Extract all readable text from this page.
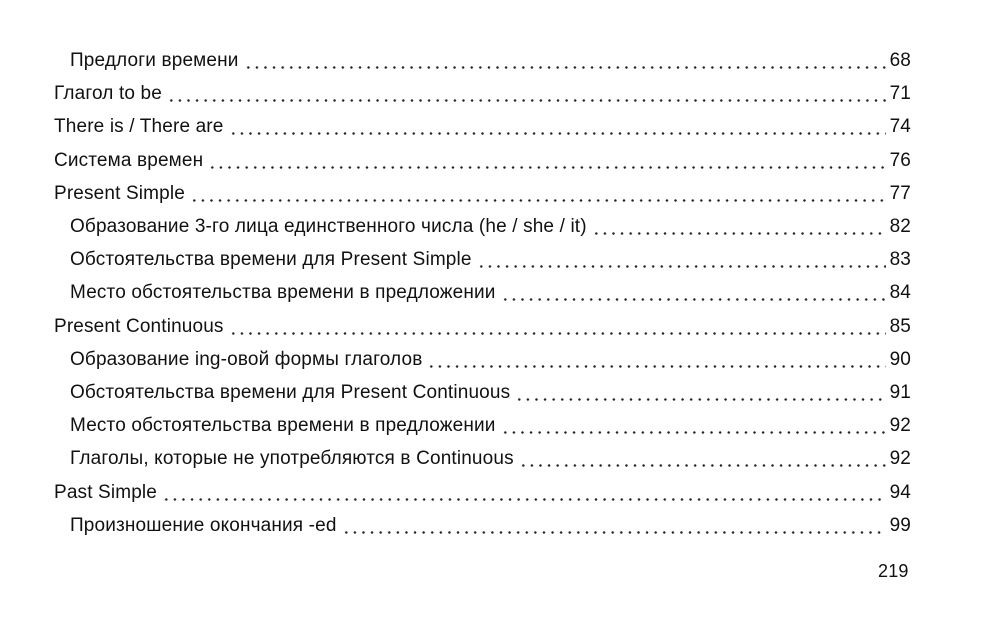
Предлоги времени	68
Глагол to be	71
There is / There are	74
Система времен	76
Present Simple	77
Образование 3-го лица единственного числа (he / she / it)	82
Обстоятельства времени для Present Simple	83
Место обстоятельства времени в предложении	84
Present Continuous	85
Образование ing-овой формы глаголов	90
Обстоятельства времени для Present Continuous	91
Место обстоятельства времени в предложении	92
Глаголы, которые не употребляются в Continuous	92
Past Simple	94
Произношение окончания -ed	99
219
